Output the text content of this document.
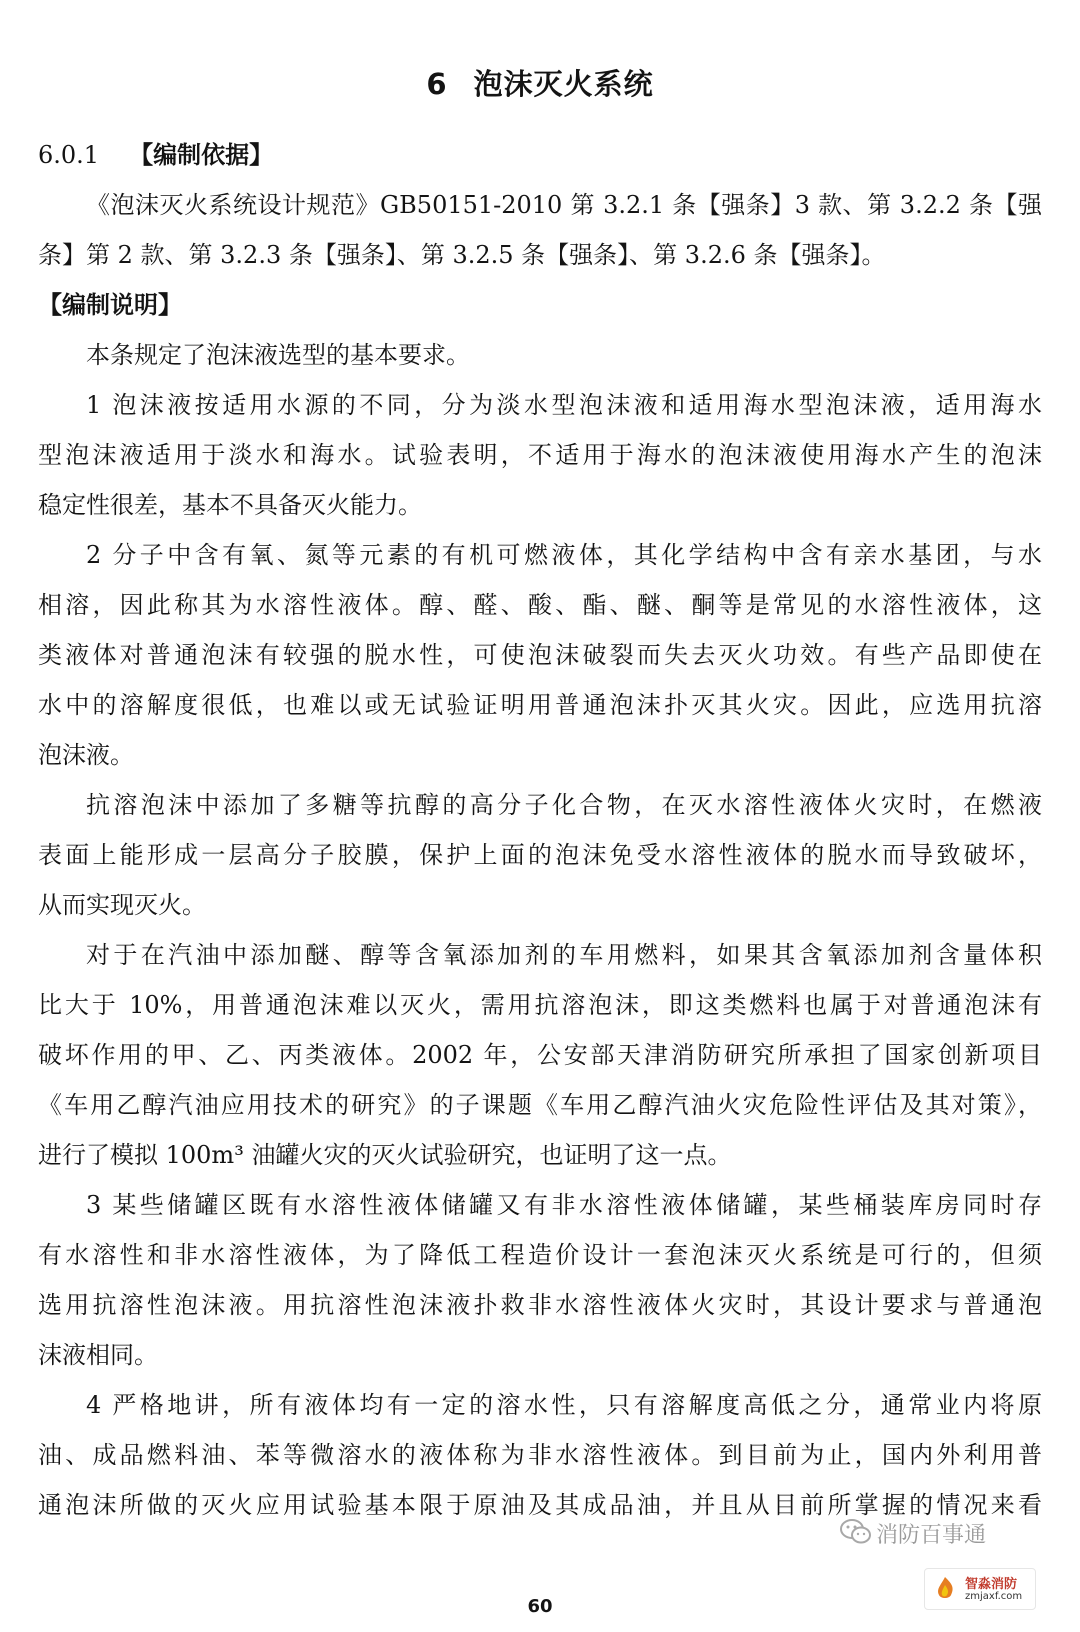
6 泡沫灭火系统
6.0.1 【编制依据】
《泡沫灭火系统设计规范》GB50151-2010 第 3.2.1 条【强条】3 款、第 3.2.2 条【强
条】第 2 款、第 3.2.3 条【强条】、第 3.2.5 条【强条】、第 3.2.6 条【强条】。
【编制说明】
本条规定了泡沫液选型的基本要求。
1 泡沫液按适用水源的不同，分为淡水型泡沫液和适用海水型泡沫液，适用海水
型泡沫液适用于淡水和海水。试验表明，不适用于海水的泡沫液使用海水产生的泡沫
稳定性很差，基本不具备灭火能力。
2 分子中含有氧、氮等元素的有机可燃液体，其化学结构中含有亲水基团，与水
相溶，因此称其为水溶性液体。醇、醛、酸、酯、醚、酮等是常见的水溶性液体，这
类液体对普通泡沫有较强的脱水性，可使泡沫破裂而失去灭火功效。有些产品即使在
水中的溶解度很低，也难以或无试验证明用普通泡沫扑灭其火灾。因此，应选用抗溶
泡沫液。
抗溶泡沫中添加了多糖等抗醇的高分子化合物，在灭水溶性液体火灾时，在燃液
表面上能形成一层高分子胶膜，保护上面的泡沫免受水溶性液体的脱水而导致破坏，
从而实现灭火。
对于在汽油中添加醚、醇等含氧添加剂的车用燃料，如果其含氧添加剂含量体积
比大于 10%，用普通泡沫难以灭火，需用抗溶泡沫，即这类燃料也属于对普通泡沫有
破坏作用的甲、乙、丙类液体。2002 年，公安部天津消防研究所承担了国家创新项目
《车用乙醇汽油应用技术的研究》的子课题《车用乙醇汽油火灾危险性评估及其对策》，
进行了模拟 100m³ 油罐火灾的灭火试验研究，也证明了这一点。
3 某些储罐区既有水溶性液体储罐又有非水溶性液体储罐，某些桶装库房同时存
有水溶性和非水溶性液体，为了降低工程造价设计一套泡沫灭火系统是可行的，但须
选用抗溶性泡沫液。用抗溶性泡沫液扑救非水溶性液体火灾时，其设计要求与普通泡
沫液相同。
4 严格地讲，所有液体均有一定的溶水性，只有溶解度高低之分，通常业内将原
油、成品燃料油、苯等微溶水的液体称为非水溶性液体。到目前为止，国内外利用普
通泡沫所做的灭火应用试验基本限于原油及其成品油，并且从目前所掌握的情况来看
60
消防百事通
智淼消防
zmjaxf.com
